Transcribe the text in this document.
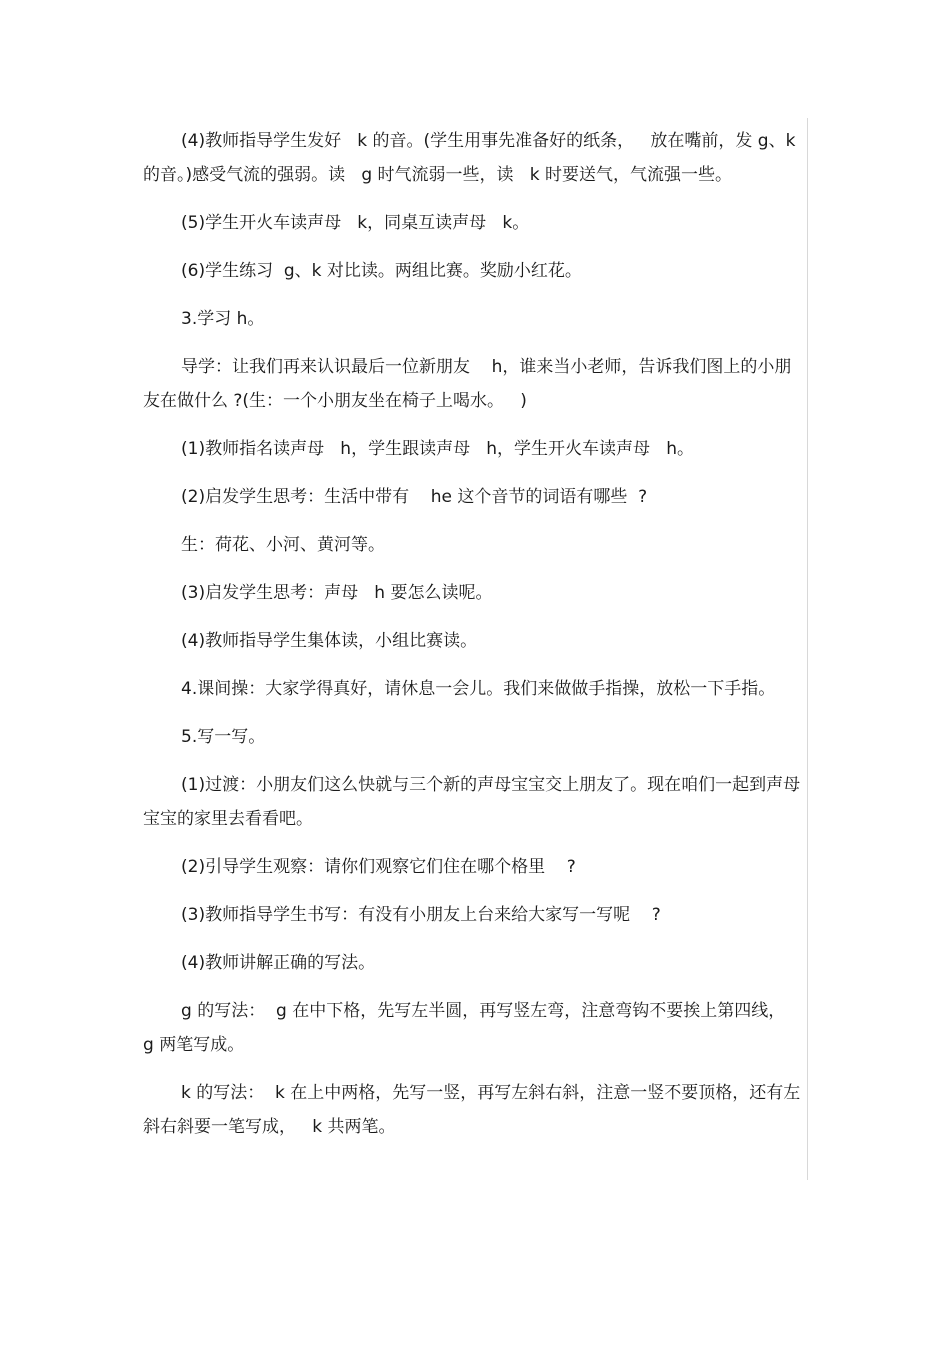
(4)教师指导学生发好   k 的音。(学生用事先准备好的纸条，   放在嘴前，发 g、k 的音。)感受气流的强弱。读   g 时气流弱一些，读   k 时要送气，气流强一些。

(5)学生开火车读声母   k，同桌互读声母   k。

(6)学生练习  g、k 对比读。两组比赛。奖励小红花。

3.学习 h。

导学：让我们再来认识最后一位新朋友    h，谁来当小老师，告诉我们图上的小朋友在做什么 ?(生：一个小朋友坐在椅子上喝水。   )

(1)教师指名读声母   h，学生跟读声母   h，学生开火车读声母   h。

(2)启发学生思考：生活中带有    he 这个音节的词语有哪些  ?

生：荷花、小河、黄河等。

(3)启发学生思考：声母   h 要怎么读呢。

(4)教师指导学生集体读，小组比赛读。

4.课间操：大家学得真好，请休息一会儿。我们来做做手指操，放松一下手指。

5.写一写。

(1)过渡：小朋友们这么快就与三个新的声母宝宝交上朋友了。现在咱们一起到声母宝宝的家里去看看吧。

(2)引导学生观察：请你们观察它们住在哪个格里    ?

(3)教师指导学生书写：有没有小朋友上台来给大家写一写呢    ?

(4)教师讲解正确的写法。

g 的写法：  g 在中下格，先写左半圆，再写竖左弯，注意弯钩不要挨上第四线， g 两笔写成。

k 的写法：  k 在上中两格，先写一竖，再写左斜右斜，注意一竖不要顶格，还有左斜右斜要一笔写成，   k 共两笔。
